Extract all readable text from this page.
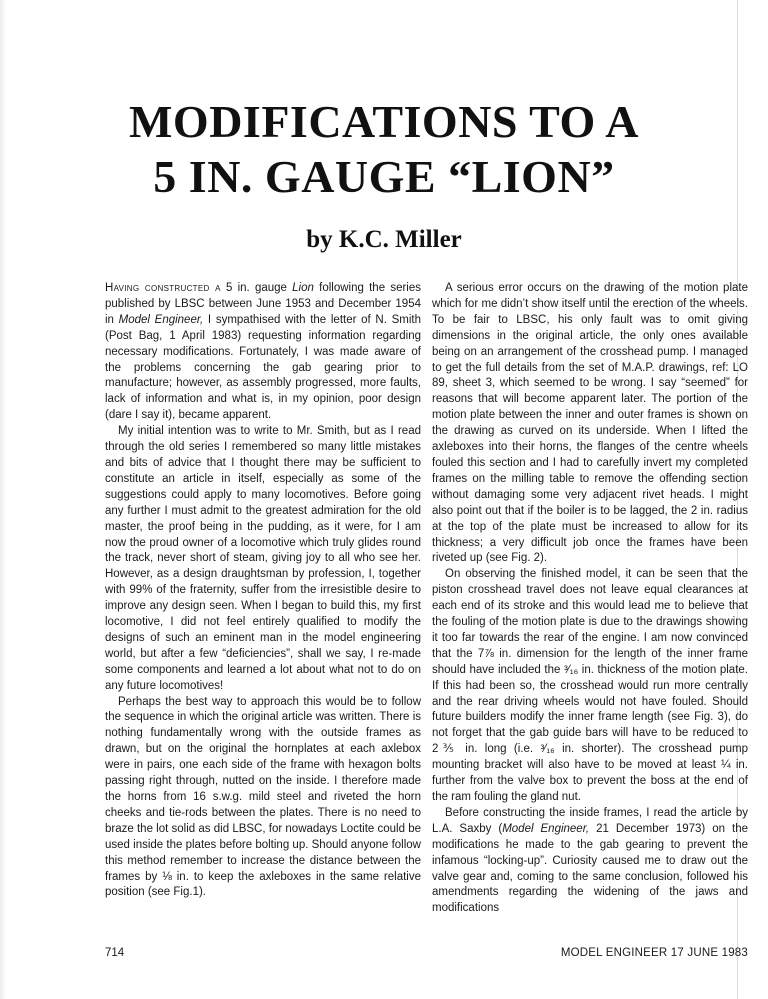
MODIFICATIONS TO A
5 IN. GAUGE “LION”
by K.C. Miller

Having constructed a 5 in. gauge Lion following the series published by LBSC between June 1953 and December 1954 in Model Engineer, I sympathised with the letter of N. Smith (Post Bag, 1 April 1983) requesting information regarding necessary modifications. Fortunately, I was made aware of the problems concerning the gab gearing prior to manufacture; however, as assembly progressed, more faults, lack of information and what is, in my opinion, poor design (dare I say it), became apparent.

My initial intention was to write to Mr. Smith, but as I read through the old series I remembered so many little mistakes and bits of advice that I thought there may be sufficient to constitute an article in itself, especially as some of the suggestions could apply to many locomotives. Before going any further I must admit to the greatest admiration for the old master, the proof being in the pudding, as it were, for I am now the proud owner of a locomotive which truly glides round the track, never short of steam, giving joy to all who see her. However, as a design draughtsman by profession, I, together with 99% of the fraternity, suffer from the irresistible desire to improve any design seen. When I began to build this, my first locomotive, I did not feel entirely qualified to modify the designs of such an eminent man in the model engineering world, but after a few “deficiencies”, shall we say, I re-made some components and learned a lot about what not to do on any future locomotives!

Perhaps the best way to approach this would be to follow the sequence in which the original article was written. There is nothing fundamentally wrong with the outside frames as drawn, but on the original the hornplates at each axlebox were in pairs, one each side of the frame with hexagon bolts passing right through, nutted on the inside. I therefore made the horns from 16 s.w.g. mild steel and riveted the horn cheeks and tie-rods between the plates. There is no need to braze the lot solid as did LBSC, for nowadays Loctite could be used inside the plates before bolting up. Should anyone follow this method remember to increase the distance between the frames by ⅛ in. to keep the axleboxes in the same relative position (see Fig.1).

A serious error occurs on the drawing of the motion plate which for me didn’t show itself until the erection of the wheels. To be fair to LBSC, his only fault was to omit giving dimensions in the original article, the only ones available being on an arrangement of the crosshead pump. I managed to get the full details from the set of M.A.P. drawings, ref: LO 89, sheet 3, which seemed to be wrong. I say “seemed” for reasons that will become apparent later. The portion of the motion plate between the inner and outer frames is shown on the drawing as curved on its underside. When I lifted the axleboxes into their horns, the flanges of the centre wheels fouled this section and I had to carefully invert my completed frames on the milling table to remove the offending section without damaging some very adjacent rivet heads. I might also point out that if the boiler is to be lagged, the 2 in. radius at the top of the plate must be increased to allow for its thickness; a very difficult job once the frames have been riveted up (see Fig. 2).

On observing the finished model, it can be seen that the piston crosshead travel does not leave equal clearances at each end of its stroke and this would lead me to believe that the fouling of the motion plate is due to the drawings showing it too far towards the rear of the engine. I am now convinced that the 7⅞ in. dimension for the length of the inner frame should have included the ³⁄₁₆ in. thickness of the motion plate. If this had been so, the crosshead would run more centrally and the rear driving wheels would not have fouled. Should future builders modify the inner frame length (see Fig. 3), do not forget that the gab guide bars will have to be reduced to 2⅗ in. long (i.e. ³⁄₁₆ in. shorter). The crosshead pump mounting bracket will also have to be moved at least ¼ in. further from the valve box to prevent the boss at the end of the ram fouling the gland nut.

Before constructing the inside frames, I read the article by L.A. Saxby (Model Engineer, 21 December 1973) on the modifications he made to the gab gearing to prevent the infamous “locking-up”. Curiosity caused me to draw out the valve gear and, coming to the same conclusion, followed his amendments regarding the widening of the jaws and modifications

714	MODEL ENGINEER 17 JUNE 1983
